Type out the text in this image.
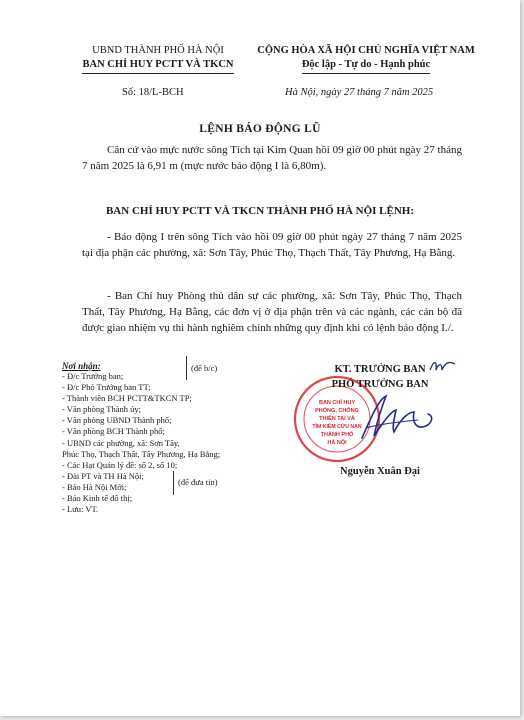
UBND THÀNH PHỐ HÀ NỘI
BAN CHỈ HUY PCTT VÀ TKCN
CỘNG HÒA XÃ HỘI CHỦ NGHĨA VIỆT NAM
Độc lập - Tự do - Hạnh phúc
Số: 18/L-BCH	Hà Nội, ngày 27 tháng 7 năm 2025
LỆNH BÁO ĐỘNG LŨ
Căn cứ vào mực nước sông Tích tại Kim Quan hồi 09 giờ 00 phút ngày 27 tháng 7 năm 2025 là 6,91 m (mực nước báo động I là 6,80m).
BAN CHỈ HUY PCTT VÀ TKCN THÀNH PHỐ HÀ NỘI LỆNH:
- Báo động I trên sông Tích vào hồi 09 giờ 00 phút ngày 27 tháng 7 năm 2025 tại địa phận các phường, xã: Sơn Tây, Phúc Thọ, Thạch Thất, Tây Phương, Hạ Bằng.
- Ban Chỉ huy Phòng thủ dân sự các phường, xã: Sơn Tây, Phúc Thọ, Thạch Thất, Tây Phương, Hạ Bằng, các đơn vị ở địa phận trên và các ngành, các cán bộ đã được giao nhiệm vụ thi hành nghiêm chỉnh những quy định khi có lệnh báo động I./.
Nơi nhận:
- Đ/c Trưởng ban;
- Đ/c Phó Trưởng ban TT;
- Thành viên BCH PCTT&TKCN TP;
- Văn phòng Thành ủy;
- Văn phòng UBND Thành phố;
- Văn phòng BCH Thành phố;
- UBND các phường, xã: Sơn Tây,
Phúc Thọ, Thạch Thất, Tây Phương, Hạ Bằng;
- Các Hạt Quản lý đê: số 2, số 10;
- Đài PT và TH Hà Nội;
- Báo Hà Nội Mới;
- Báo Kinh tế đô thị;
- Lưu: VT.
(để b/c)
(để đưa tin)
BAN CHỈ HUY
PHÒNG, CHỐNG
THIÊN TAI VÀ
TÌM KIẾM CỨU NẠN
THÀNH PHỐ
HÀ NỘI
KT. TRƯỞNG BAN
PHÓ TRƯỞNG BAN
Nguyễn Xuân Đại
